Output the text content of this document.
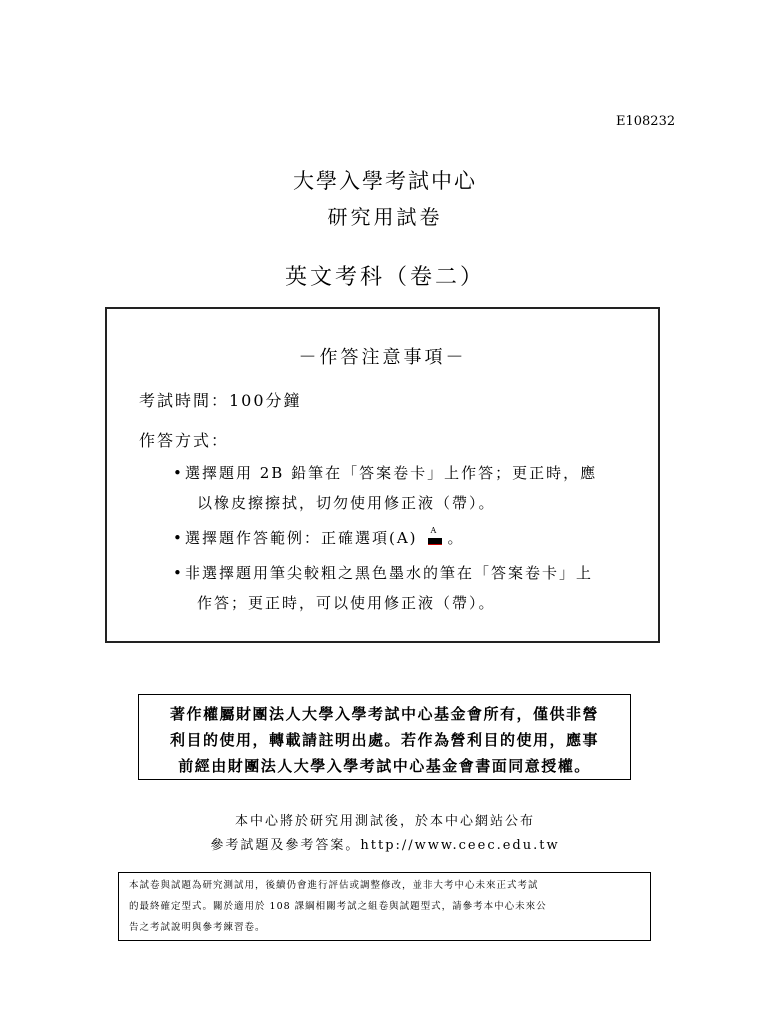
E108232
大學入學考試中心
研究用試卷
英文考科（卷二）
－作答注意事項－
考試時間：100分鐘
作答方式：
• 選擇題用 2B 鉛筆在「答案卷卡」上作答；更正時，應
以橡皮擦擦拭，切勿使用修正液（帶）。
• 選擇題作答範例：正確選項(A) A 。
• 非選擇題用筆尖較粗之黑色墨水的筆在「答案卷卡」上
作答；更正時，可以使用修正液（帶）。
著作權屬財團法人大學入學考試中心基金會所有，僅供非營
利目的使用，轉載請註明出處。若作為營利目的使用，應事
前經由財團法人大學入學考試中心基金會書面同意授權。
本中心將於研究用測試後，於本中心網站公布
參考試題及參考答案。http://www.ceec.edu.tw
本試卷與試題為研究測試用，後續仍會進行評估或調整修改，並非大考中心未來正式考試
的最終確定型式。關於適用於 108 課綱相關考試之組卷與試題型式，請參考本中心未來公
告之考試說明與參考練習卷。
